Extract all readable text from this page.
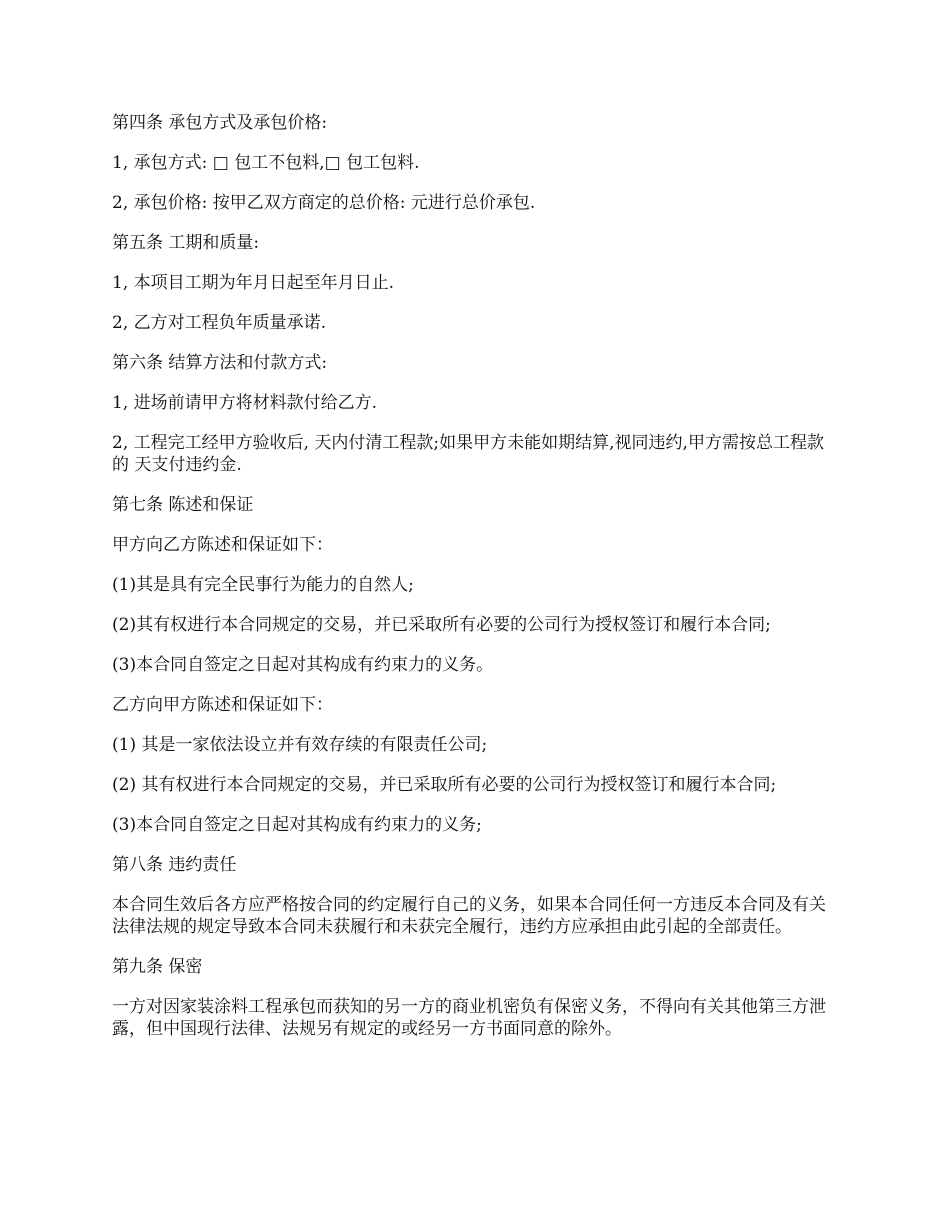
第四条 承包方式及承包价格:

1, 承包方式: □ 包工不包料,□ 包工包料.

2, 承包价格: 按甲乙双方商定的总价格: 元进行总价承包.

第五条 工期和质量:

1, 本项目工期为年月日起至年月日止.

2, 乙方对工程负年质量承诺.

第六条 结算方法和付款方式:

1, 进场前请甲方将材料款付给乙方.

2, 工程完工经甲方验收后, 天内付清工程款;如果甲方未能如期结算,视同违约,甲方需按总工程款的 天支付违约金.

第七条 陈述和保证

甲方向乙方陈述和保证如下：

(1)其是具有完全民事行为能力的自然人;

(2)其有权进行本合同规定的交易，并已采取所有必要的公司行为授权签订和履行本合同;

(3)本合同自签定之日起对其构成有约束力的义务。

乙方向甲方陈述和保证如下：

(1) 其是一家依法设立并有效存续的有限责任公司;

(2) 其有权进行本合同规定的交易，并已采取所有必要的公司行为授权签订和履行本合同;

(3)本合同自签定之日起对其构成有约束力的义务;

第八条 违约责任

本合同生效后各方应严格按合同的约定履行自己的义务，如果本合同任何一方违反本合同及有关法律法规的规定导致本合同未获履行和未获完全履行，违约方应承担由此引起的全部责任。

第九条 保密

一方对因家装涂料工程承包而获知的另一方的商业机密负有保密义务，不得向有关其他第三方泄露，但中国现行法律、法规另有规定的或经另一方书面同意的除外。
